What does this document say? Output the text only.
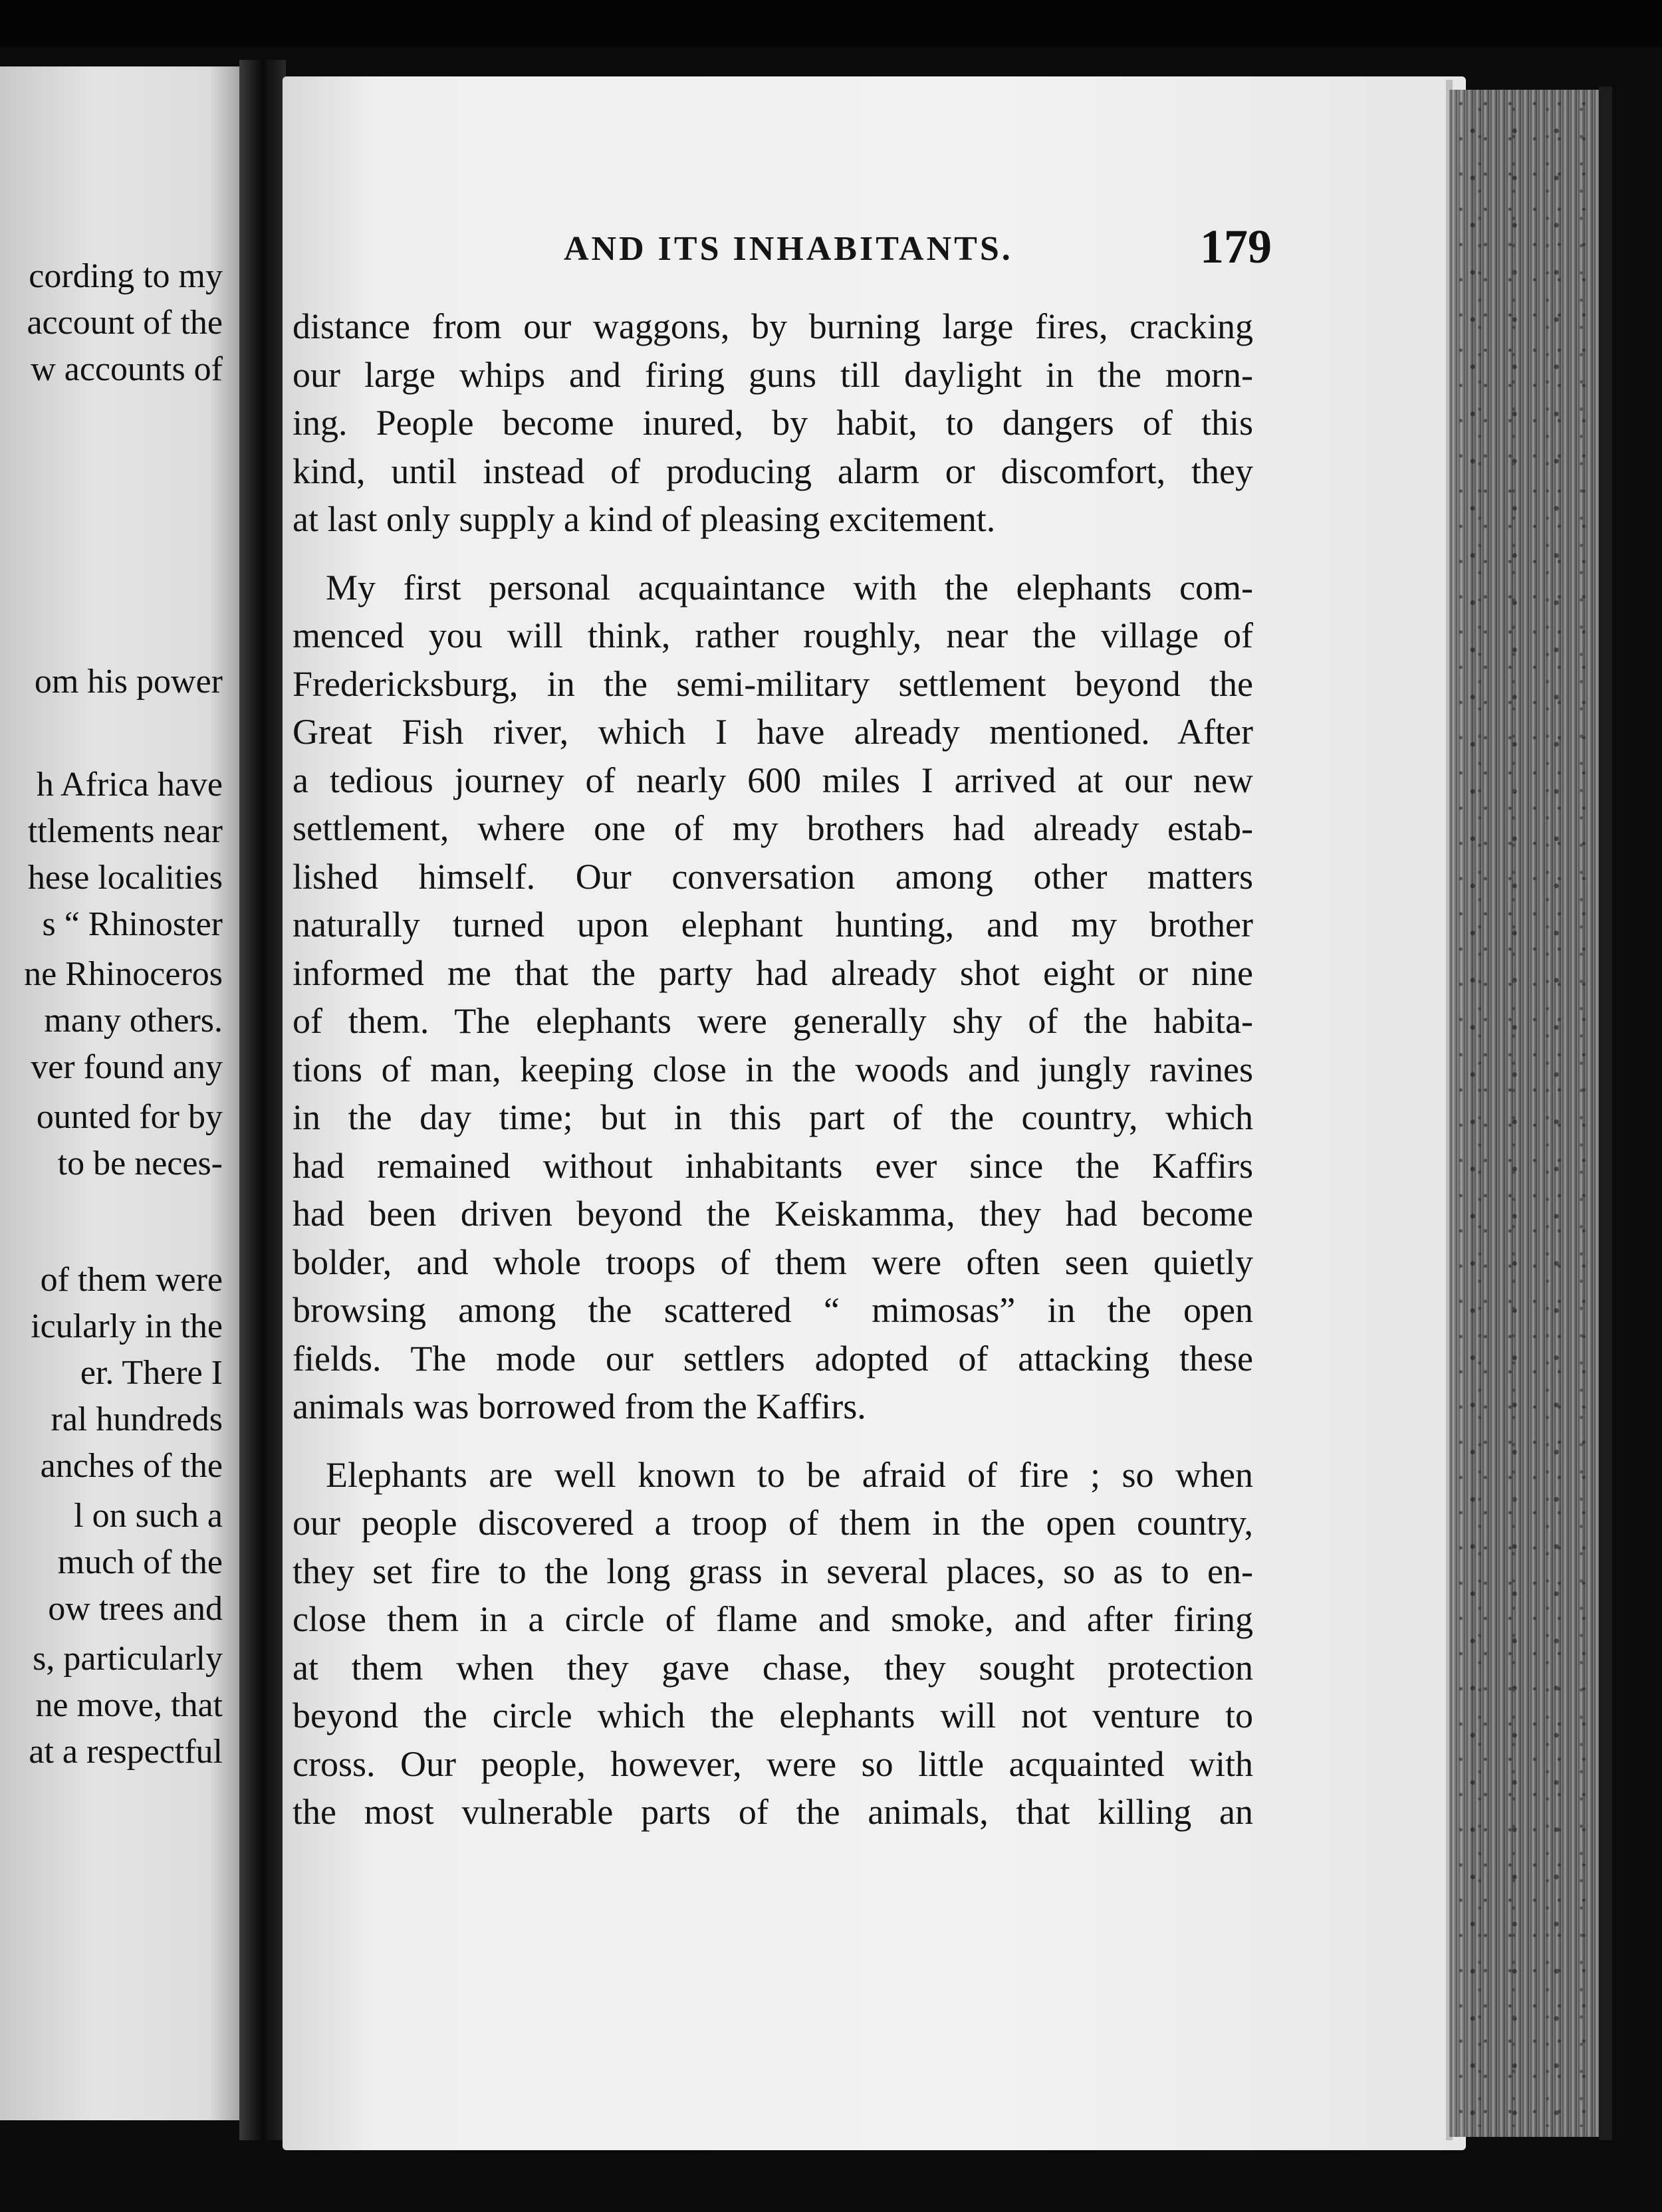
cording to my
account of the
w accounts of
om his power
h Africa have
ttlements near
hese localities
s “ Rhinoster
ne Rhinoceros
many others.
ver found any
ounted for by
to be neces-
of them were
icularly in the
er. There I
ral hundreds
anches of the
l on such a
much of the
ow trees and
s, particularly
ne move, that
at a respectful
AND ITS INHABITANTS.	179
distance from our waggons, by burning large fires, cracking
our large whips and firing guns till daylight in the morn-
ing. People become inured, by habit, to dangers of this
kind, until instead of producing alarm or discomfort, they
at last only supply a kind of pleasing excitement.
My first personal acquaintance with the elephants com-
menced you will think, rather roughly, near the village of
Fredericksburg, in the semi-military settlement beyond the
Great Fish river, which I have already mentioned. After
a tedious journey of nearly 600 miles I arrived at our new
settlement, where one of my brothers had already estab-
lished himself. Our conversation among other matters
naturally turned upon elephant hunting, and my brother
informed me that the party had already shot eight or nine
of them. The elephants were generally shy of the habita-
tions of man, keeping close in the woods and jungly ravines
in the day time; but in this part of the country, which
had remained without inhabitants ever since the Kaffirs
had been driven beyond the Keiskamma, they had become
bolder, and whole troops of them were often seen quietly
browsing among the scattered “ mimosas” in the open
fields. The mode our settlers adopted of attacking these
animals was borrowed from the Kaffirs.
Elephants are well known to be afraid of fire ; so when
our people discovered a troop of them in the open country,
they set fire to the long grass in several places, so as to en-
close them in a circle of flame and smoke, and after firing
at them when they gave chase, they sought protection
beyond the circle which the elephants will not venture to
cross. Our people, however, were so little acquainted with
the most vulnerable parts of the animals, that killing an
